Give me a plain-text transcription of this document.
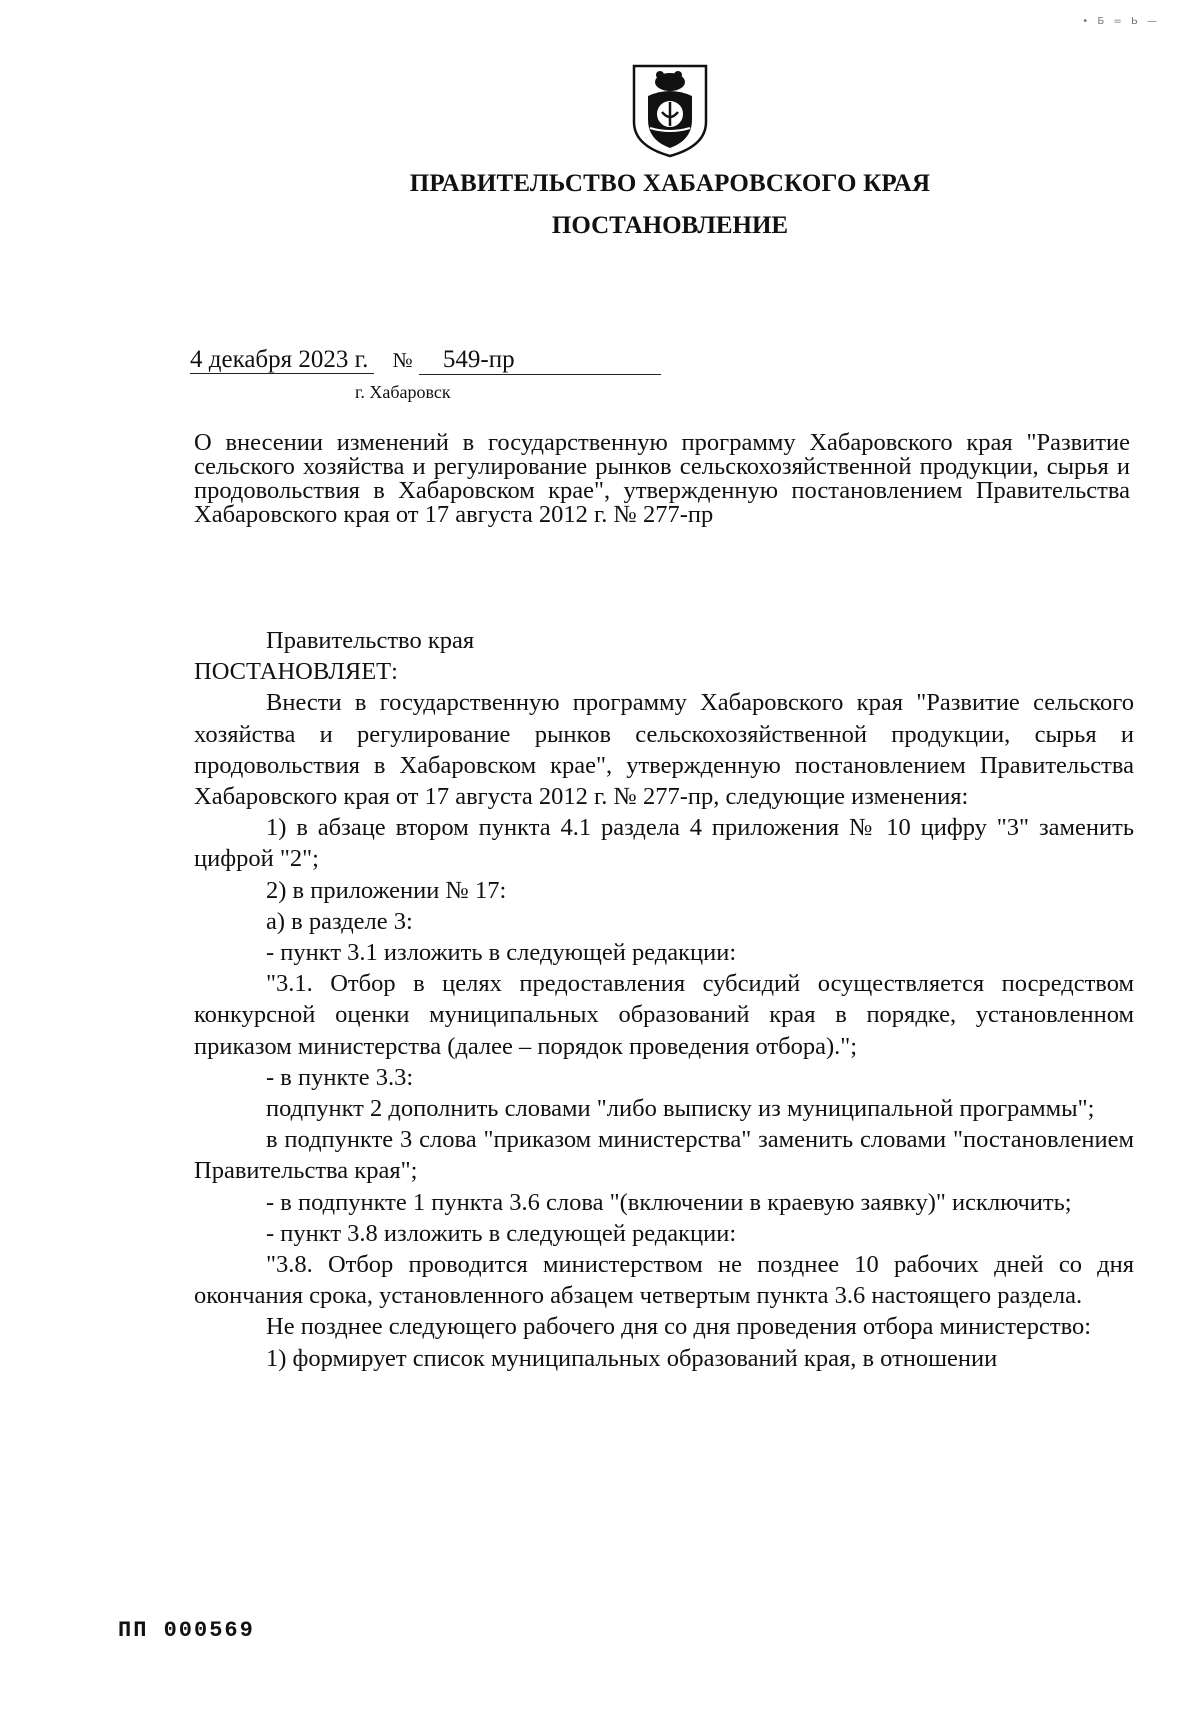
• Б = Ь —
ПРАВИТЕЛЬСТВО ХАБАРОВСКОГО КРАЯ
ПОСТАНОВЛЕНИЕ
4 декабря 2023 г. № 549-пр
г. Хабаровск
О внесении изменений в государственную программу Хабаровского края "Развитие сельского хозяйства и регулирование рынков сельскохозяйственной продукции, сырья и продовольствия в Хабаровском крае", утвержденную постановлением Правительства Хабаровского края от 17 августа 2012 г. № 277-пр

Правительство края

ПОСТАНОВЛЯЕТ:

Внести в государственную программу Хабаровского края "Развитие сельского хозяйства и регулирование рынков сельскохозяйственной продукции, сырья и продовольствия в Хабаровском крае", утвержденную постановлением Правительства Хабаровского края от 17 августа 2012 г. № 277-пр, следующие изменения:

1) в абзаце втором пункта 4.1 раздела 4 приложения № 10 цифру "3" заменить цифрой "2";

2) в приложении № 17:

а) в разделе 3:

- пункт 3.1 изложить в следующей редакции:

"3.1. Отбор в целях предоставления субсидий осуществляется посредством конкурсной оценки муниципальных образований края в порядке, установленном приказом министерства (далее – порядок проведения отбора).";

- в пункте 3.3:

подпункт 2 дополнить словами "либо выписку из муниципальной программы";

в подпункте 3 слова "приказом министерства" заменить словами "постановлением Правительства края";

- в подпункте 1 пункта 3.6 слова "(включении в краевую заявку)" исключить;

- пункт 3.8 изложить в следующей редакции:

"3.8. Отбор проводится министерством не позднее 10 рабочих дней со дня окончания срока, установленного абзацем четвертым пункта 3.6 настоящего раздела.

Не позднее следующего рабочего дня со дня проведения отбора министерство:

1) формирует список муниципальных образований края, в отношении

ПП 000569
